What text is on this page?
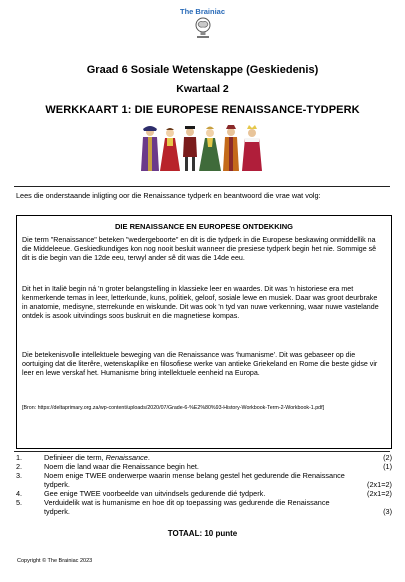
The Brainiac
Graad 6 Sosiale Wetenskappe (Geskiedenis)
Kwartaal 2
WERKKAART 1: DIE EUROPESE RENAISSANCE-TYDPERK
Lees die onderstaande inligting oor die Renaissance tydperk en beantwoord die vrae wat volg:
DIE RENAISSANCE EN EUROPESE ONTDEKKING
Die term "Renaissance" beteken "wedergeboorte" en dit is die tydperk in die Europese beskawing onmiddellik na die Middeleeue. Geskiedkundiges kon nog nooit besluit wanneer die presiese tydperk begin het nie. Sommige sê dit is die begin van die 12de eeu, terwyl ander sê dit was die 14de eeu.
Dit het in Italië begin ná 'n groter belangstelling in klassieke leer en waardes. Dit was 'n historiese era met kenmerkende temas in leer, letterkunde, kuns, politiek, geloof, sosiale lewe en musiek. Daar was groot deurbrake in anatomie, medisyne, sterrekunde en wiskunde. Dit was ook 'n tyd van nuwe verkenning, waar nuwe vastelande ontdek is asook uitvindings soos buskruit en die magnetiese kompas.
Die betekenisvolle intellektuele beweging van die Renaissance was 'humanisme'. Dit was gebaseer op die oortuiging dat die literêre, wetenskaplike en filosofiese werke van antieke Griekeland en Rome die beste gidse vir leer en lewe verskaf het. Humanisme bring intellektuele eenheid na Europa.
[Bron: https://deltaprimary.org.za/wp-content/uploads/2020/07/Grade-6-%E2%80%93-History-Workbook-Term-2-Workbook-1.pdf]
1.	Definieer die term, Renaissance.	(2)
2.	Noem die land waar die Renaissance begin het.	(1)
3.	Noem enige TWEE onderwerpe waarin mense belang gestel het gedurende die Renaissance tydperk.	(2x1=2)
4.	Gee enige TWEE voorbeelde van uitvindsels gedurende dié tydperk.	(2x1=2)
5.	Verduidelik wat is humanisme en hoe dit op toepassing was gedurende die Renaissance tydperk.	(3)
TOTAAL: 10 punte
Copyright © The Brainiac 2023
